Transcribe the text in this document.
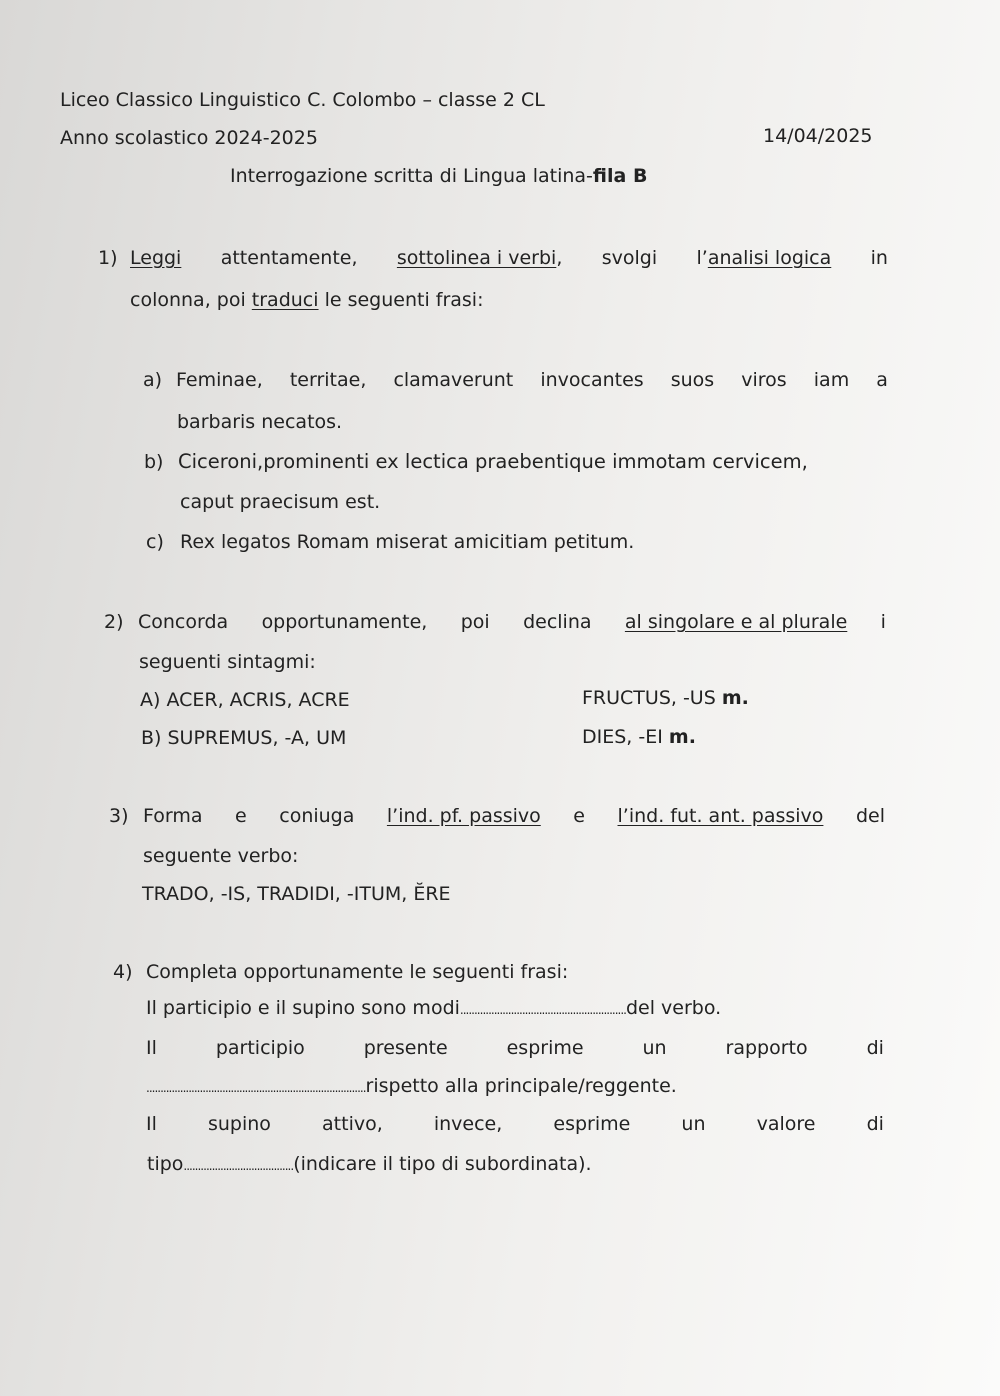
Liceo Classico Linguistico C. Colombo – classe 2 CL
Anno scolastico 2024-2025	14/04/2025
Interrogazione scritta di Lingua latina-fila B
1) Leggi attentamente, sottolinea i verbi, svolgi l’analisi logica in
colonna, poi traduci le seguenti frasi:
a) Feminae, territae, clamaverunt invocantes suos viros iam a
barbaris necatos.
b) Ciceroni,prominenti ex lectica praebentique immotam cervicem,
caput praecisum est.
c) Rex legatos Romam miserat amicitiam petitum.
2) Concorda opportunamente, poi declina al singolare e al plurale i
seguenti sintagmi:
A) ACER, ACRIS, ACRE	FRUCTUS, -US m.
B) SUPREMUS, -A, UM	DIES, -EI m.
3) Forma e coniuga l’ind. pf. passivo e l’ind. fut. ant. passivo del
seguente verbo:
TRADO, -IS, TRADIDI, -ITUM, ĔRE
4) Completa opportunamente le seguenti frasi:
Il participio e il supino sono modi...........................................................del verbo.
Il	participio	presente	esprime	un	rapporto	di
..............................................................................rispetto alla principale/reggente.
Il	supino	attivo,	invece,	esprime	un	valore	di
tipo.......................................(indicare il tipo di subordinata).
